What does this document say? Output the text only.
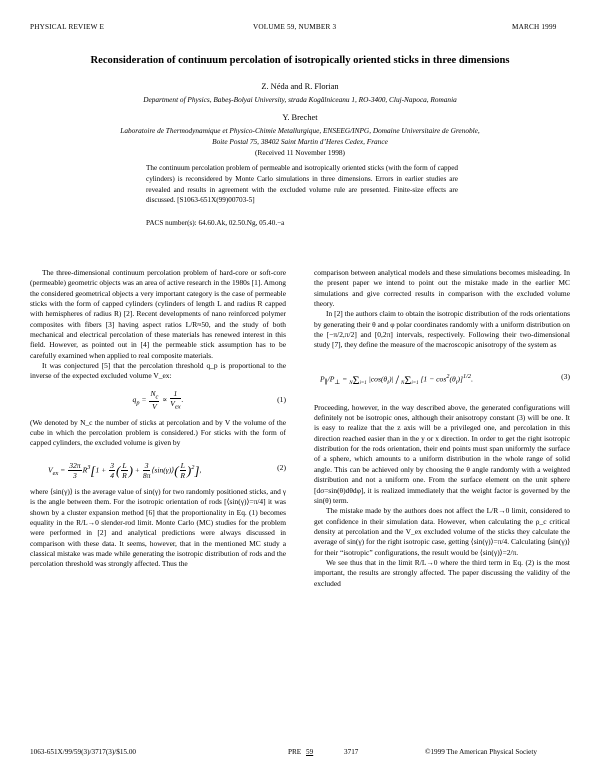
PHYSICAL REVIEW E	VOLUME 59, NUMBER 3	MARCH 1999
Reconsideration of continuum percolation of isotropically oriented sticks in three dimensions
Z. Néda and R. Florian
Department of Physics, Babeş-Bolyai University, strada Kogălniceanu 1, RO-3400, Cluj-Napoca, Romania
Y. Brechet
Laboratoire de Thermodynamique et Physico-Chimie Metallurgique, ENSEEG/INPG, Domaine Universitaire de Grenoble,
Boite Postal 75, 38402 Saint Martin d’Heres Cedex, France
(Received 11 November 1998)
The continuum percolation problem of permeable and isotropically oriented sticks (with the form of capped cylinders) is reconsidered by Monte Carlo simulations in three dimensions. Errors in earlier studies are revealed and results in agreement with the excluded volume rule are presented. Finite-size effects are discussed. [S1063-651X(99)00703-5]
PACS number(s): 64.60.Ak, 02.50.Ng, 05.40.−a

The three-dimensional continuum percolation problem of hard-core or soft-core (permeable) geometric objects was an area of active research in the 1980s [1]. Among the considered geometrical objects a very important category is the case of permeable sticks with the form of capped cylinders (cylinders of length L and radius R capped with hemispheres of radius R) [2]. Recent developments of nano reinforced polymer composites with fibers [3] having aspect ratios L/R≈50, and the study of both mechanical and electrical percolation of these materials has renewed interest in this field. However, as pointed out in [4] the permeable stick assumption has to be carefully examined when applied to real composite materials.

It was conjectured [5] that the percolation threshold q_p is proportional to the inverse of the expected excluded volume V_ex:

$q_p = \frac{N_c}{V} \propto \frac{1}{V_{ex}}$ .	(1)

(We denoted by N_c the number of sticks at percolation and by V the volume of the cube in which the percolation problem is considered.) For sticks with the form of capped cylinders, the excluded volume is given by

$V_{ex} = \frac{32\pi}{3} R^3[1 + \frac{3}{4}$ ( $\frac{L}{R}$ ) + $\frac{3}{8\pi}$ ⟨sin(γ)⟩( $\frac{L}{R} )^2$],	(2)

where ⟨sin(γ)⟩ is the average value of sin(γ) for two randomly positioned sticks, and γ is the angle between them. For the isotropic orientation of rods [⟨sin(γ)⟩=π/4] it was shown by a cluster expansion method [6] that the proportionality in Eq. (1) becomes equality in the R/L→0 slender-rod limit. Monte Carlo (MC) studies for the problem were performed in [2] and analytical predictions were always discussed in comparison with these data. It seems, however, that in the mentioned MC study a classical mistake was made while generating the isotropic distribution of rods and the percolation threshold was strongly affected. Thus the

comparison between analytical models and these simulations becomes misleading. In the present paper we intend to point out the mistake made in the earlier MC simulations and give corrected results in comparison with the excluded volume theory.

In [2] the authors claim to obtain the isotropic distribution of the rods orientations by generating their θ and φ polar coordinates randomly with a uniform distribution on the [−π/2,π/2] and [0,2π] intervals, respectively. Following their two-dimensional study [7], they define the measure of the macroscopic anisotropy of the system as

$P_\parallel/P_\perp = N\Sigma i=1$ $|\cos(\theta_i)| / N\Sigma i=1$ $[1 - \cos^2(\theta_i)]^{1/2}$.	(3)

Proceeding, however, in the way described above, the generated configurations will definitely not be isotropic ones, although their anisotropy constant (3) will be one. It is easy to realize that the z axis will be a privileged one, and percolation in this direction reached easier than in the y or x direction. In order to get the right isotropic distribution for the rods orientation, their end points must span uniformly the surface of a sphere, which amounts to a uniform distribution in the whole range of solid angle. This can be achieved only by choosing the θ angle randomly with a weighted distribution and not a uniform one. From the surface element on the unit sphere [dσ=sin(θ)dθdφ], it is realized immediately that the weight factor is governed by the sin(θ) term.

The mistake made by the authors does not affect the L/R→0 limit, considered to get confidence in their simulation data. However, when calculating the ρ_c critical density at percolation and the V_ex excluded volume of the sticks they calculate the average of sin(γ) for the right isotropic case, getting ⟨sin(γ)⟩=π/4. Calculating ⟨sin(γ)⟩ for their “isotropic” configurations, the result would be ⟨sin(γ)⟩=2/π.

We see thus that in the limit R/L→0 where the third term in Eq. (2) is the most important, the results are strongly affected. The paper discussing the validity of the excluded

1063-651X/99/59(3)/3717(3)/$15.00	PRE 59	3717	©1999 The American Physical Society
